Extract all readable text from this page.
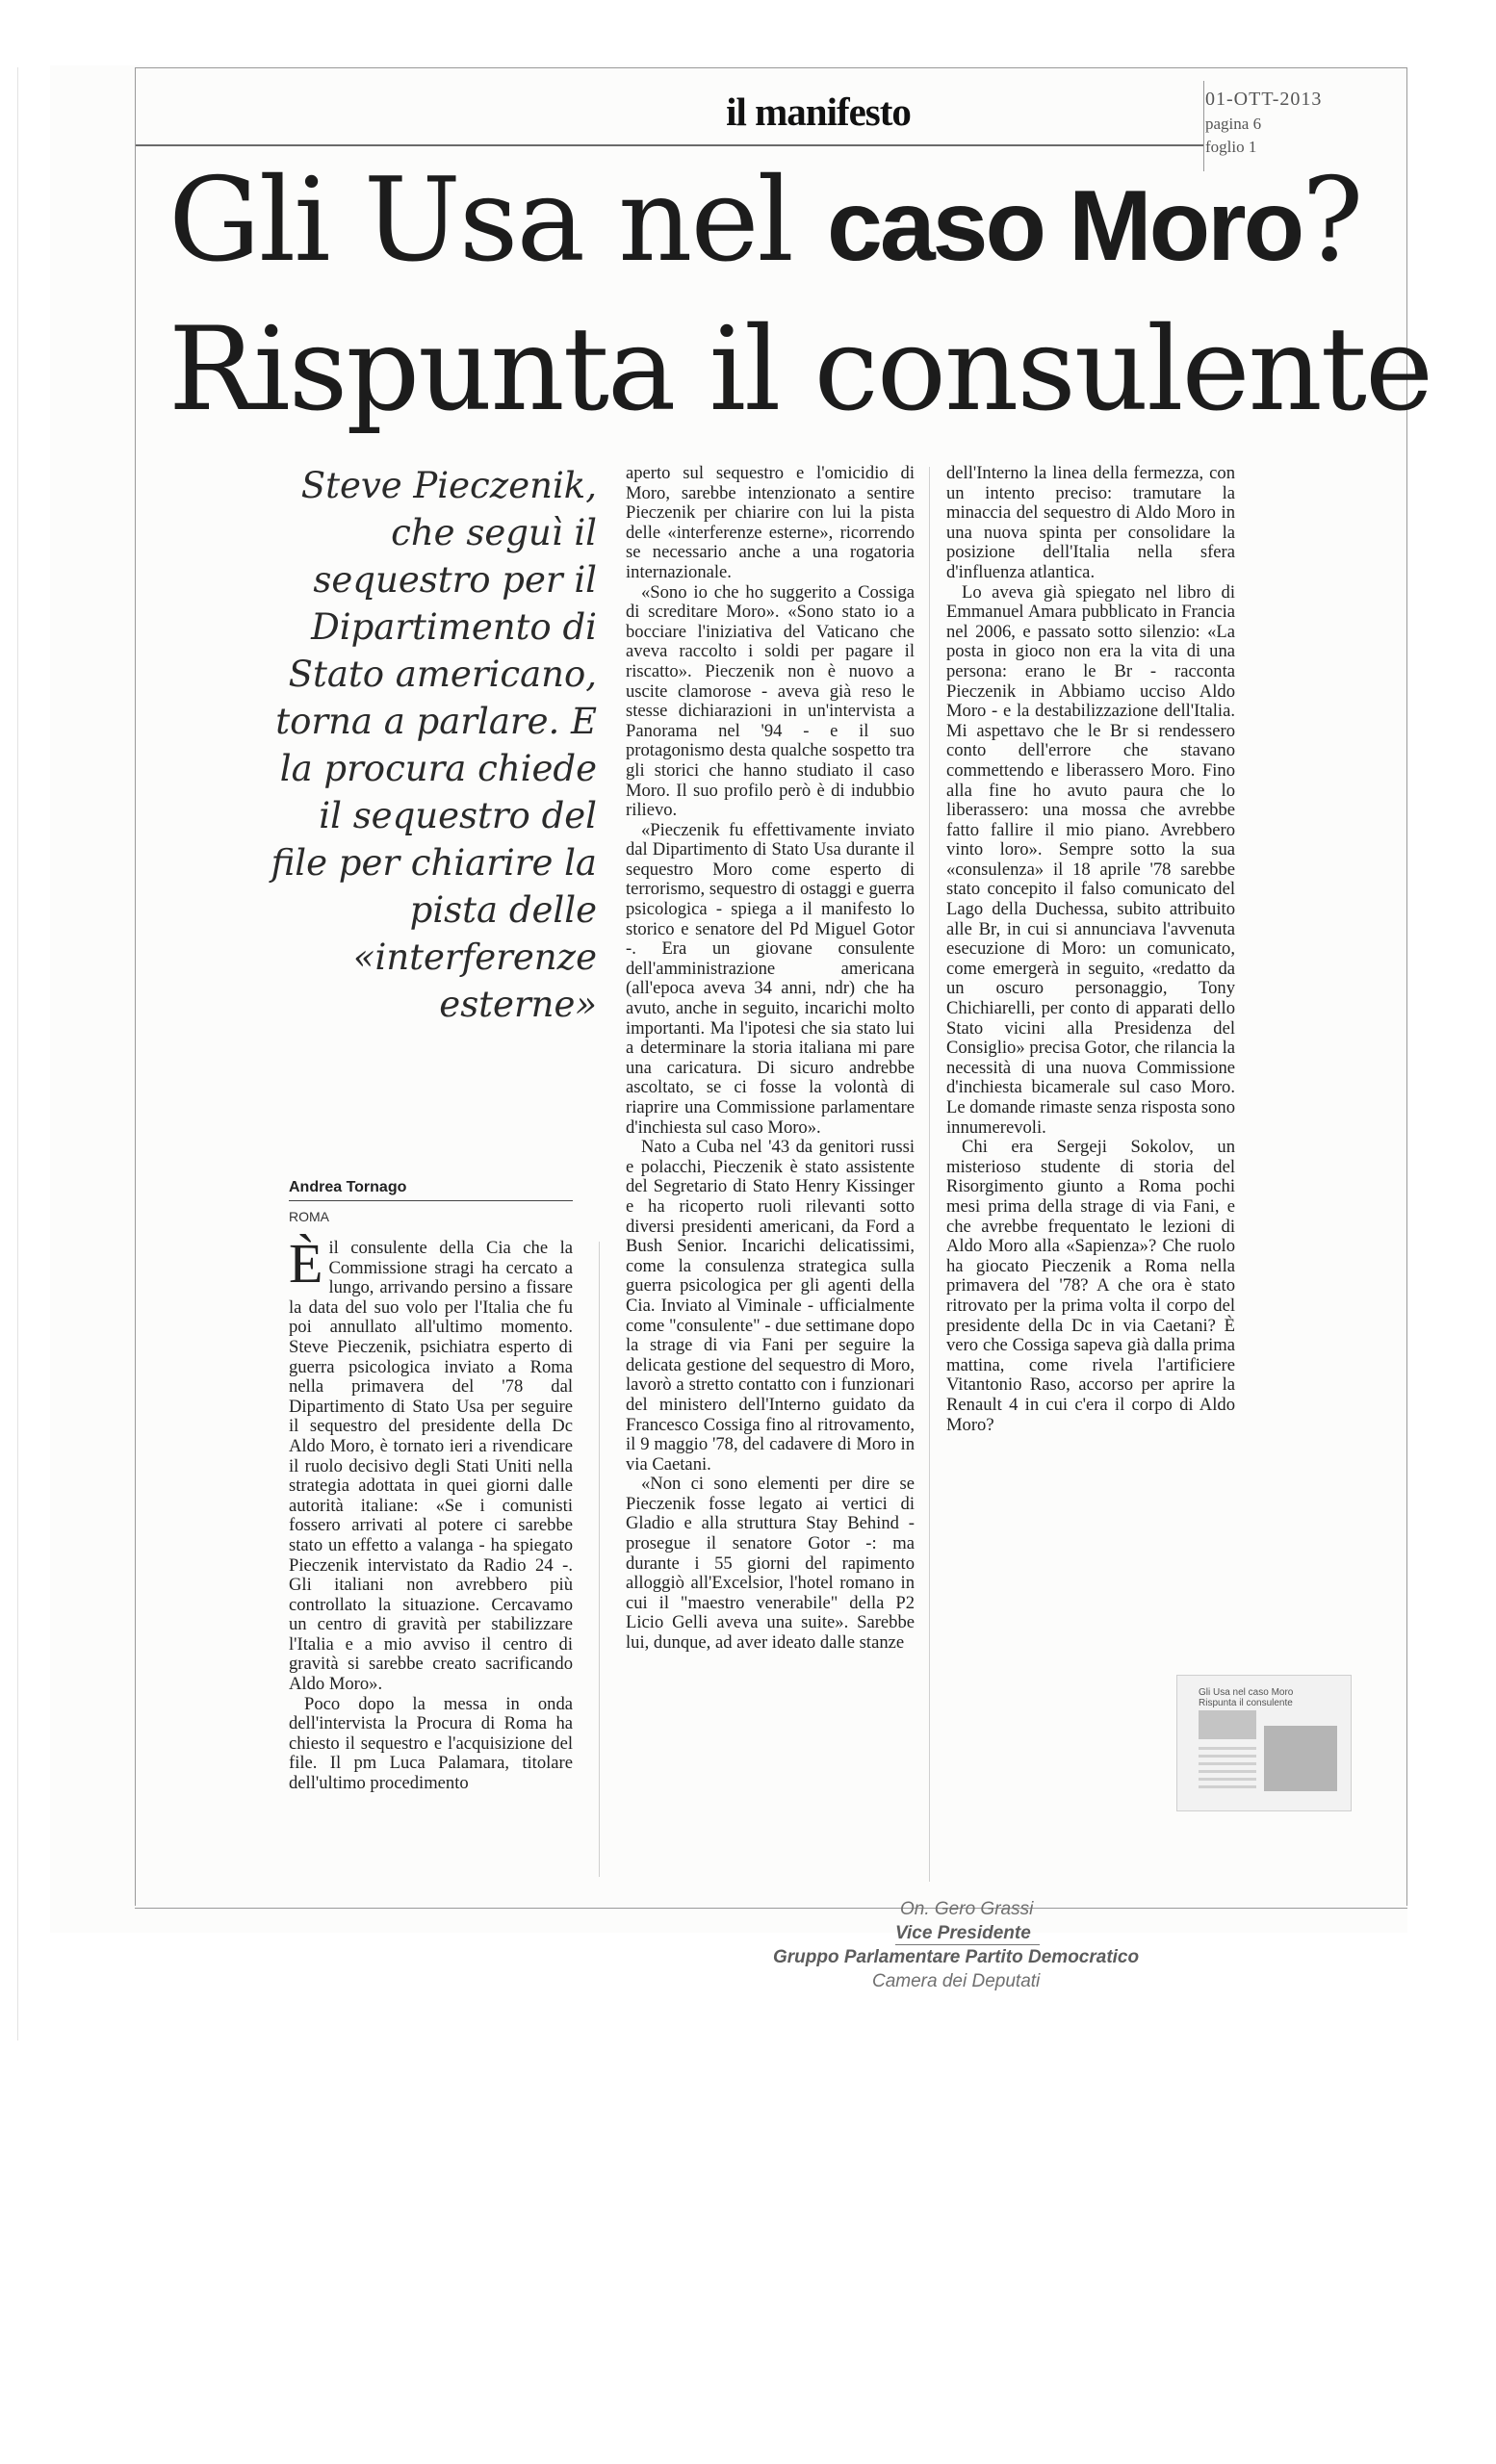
il manifesto	01-OTT-2013
pagina 6
foglio 1
Gli Usa nel caso Moro?
Rispunta il consulente
Steve Pieczenik, che seguì il sequestro per il Dipartimento di Stato americano, torna a parlare. E la procura chiede il sequestro del file per chiarire la pista delle «interferenze esterne»
Andrea Tornago
ROMA

Èil consulente della Cia che la Commissione stragi ha cercato a lungo, arrivando persino a fissare la data del suo volo per l'Italia che fu poi annullato all'ultimo momento. Steve Pieczenik, psichiatra esperto di guerra psicologica inviato a Roma nella primavera del '78 dal Dipartimento di Stato Usa per seguire il sequestro del presidente della Dc Aldo Moro, è tornato ieri a rivendicare il ruolo decisivo degli Stati Uniti nella strategia adottata in quei giorni dalle autorità italiane: «Se i comunisti fossero arrivati al potere ci sarebbe stato un effetto a valanga - ha spiegato Pieczenik intervistato da Radio 24 -. Gli italiani non avrebbero più controllato la situazione. Cercavamo un centro di gravità per stabilizzare l'Italia e a mio avviso il centro di gravità si sarebbe creato sacrificando Aldo Moro».

Poco dopo la messa in onda dell'intervista la Procura di Roma ha chiesto il sequestro e l'acquisizione del file. Il pm Luca Palamara, titolare dell'ultimo procedimento

aperto sul sequestro e l'omicidio di Moro, sarebbe intenzionato a sentire Pieczenik per chiarire con lui la pista delle «interferenze esterne», ricorrendo se necessario anche a una rogatoria internazionale.

«Sono io che ho suggerito a Cossiga di screditare Moro». «Sono stato io a bocciare l'iniziativa del Vaticano che aveva raccolto i soldi per pagare il riscatto». Pieczenik non è nuovo a uscite clamorose - aveva già reso le stesse dichiarazioni in un'intervista a Panorama nel '94 - e il suo protagonismo desta qualche sospetto tra gli storici che hanno studiato il caso Moro. Il suo profilo però è di indubbio rilievo.

«Pieczenik fu effettivamente inviato dal Dipartimento di Stato Usa durante il sequestro Moro come esperto di terrorismo, sequestro di ostaggi e guerra psicologica - spiega a il manifesto lo storico e senatore del Pd Miguel Gotor -. Era un giovane consulente dell'amministrazione americana (all'epoca aveva 34 anni, ndr) che ha avuto, anche in seguito, incarichi molto importanti. Ma l'ipotesi che sia stato lui a determinare la storia italiana mi pare una caricatura. Di sicuro andrebbe ascoltato, se ci fosse la volontà di riaprire una Commissione parlamentare d'inchiesta sul caso Moro».

Nato a Cuba nel '43 da genitori russi e polacchi, Pieczenik è stato assistente del Segretario di Stato Henry Kissinger e ha ricoperto ruoli rilevanti sotto diversi presidenti americani, da Ford a Bush Senior. Incarichi delicatissimi, come la consulenza strategica sulla guerra psicologica per gli agenti della Cia. Inviato al Viminale - ufficialmente come "consulente" - due settimane dopo la strage di via Fani per seguire la delicata gestione del sequestro di Moro, lavorò a stretto contatto con i funzionari del ministero dell'Interno guidato da Francesco Cossiga fino al ritrovamento, il 9 maggio '78, del cadavere di Moro in via Caetani.

«Non ci sono elementi per dire se Pieczenik fosse legato ai vertici di Gladio e alla struttura Stay Behind - prosegue il senatore Gotor -: ma durante i 55 giorni del rapimento alloggiò all'Excelsior, l'hotel romano in cui il "maestro venerabile" della P2 Licio Gelli aveva una suite». Sarebbe lui, dunque, ad aver ideato dalle stanze

dell'Interno la linea della fermezza, con un intento preciso: tramutare la minaccia del sequestro di Aldo Moro in una nuova spinta per consolidare la posizione dell'Italia nella sfera d'influenza atlantica.

Lo aveva già spiegato nel libro di Emmanuel Amara pubblicato in Francia nel 2006, e passato sotto silenzio: «La posta in gioco non era la vita di una persona: erano le Br - racconta Pieczenik in Abbiamo ucciso Aldo Moro - e la destabilizzazione dell'Italia. Mi aspettavo che le Br si rendessero conto dell'errore che stavano commettendo e liberassero Moro. Fino alla fine ho avuto paura che lo liberassero: una mossa che avrebbe fatto fallire il mio piano. Avrebbero vinto loro». Sempre sotto la sua «consulenza» il 18 aprile '78 sarebbe stato concepito il falso comunicato del Lago della Duchessa, subito attribuito alle Br, in cui si annunciava l'avvenuta esecuzione di Moro: un comunicato, come emergerà in seguito, «redatto da un oscuro personaggio, Tony Chichiarelli, per conto di apparati dello Stato vicini alla Presidenza del Consiglio» precisa Gotor, che rilancia la necessità di una nuova Commissione d'inchiesta bicamerale sul caso Moro. Le domande rimaste senza risposta sono innumerevoli.

Chi era Sergeji Sokolov, un misterioso studente di storia del Risorgimento giunto a Roma pochi mesi prima della strage di via Fani, e che avrebbe frequentato le lezioni di Aldo Moro alla «Sapienza»? Che ruolo ha giocato Pieczenik a Roma nella primavera del '78? A che ora è stato ritrovato per la prima volta il corpo del presidente della Dc in via Caetani? È vero che Cossiga sapeva già dalla prima mattina, come rivela l'artificiere Vitantonio Raso, accorso per aprire la Renault 4 in cui c'era il corpo di Aldo Moro?

Gli Usa nel caso Moro
Rispunta il consulente
On. Gero Grassi
Vice Presidente
Gruppo Parlamentare Partito Democratico
Camera dei Deputati
